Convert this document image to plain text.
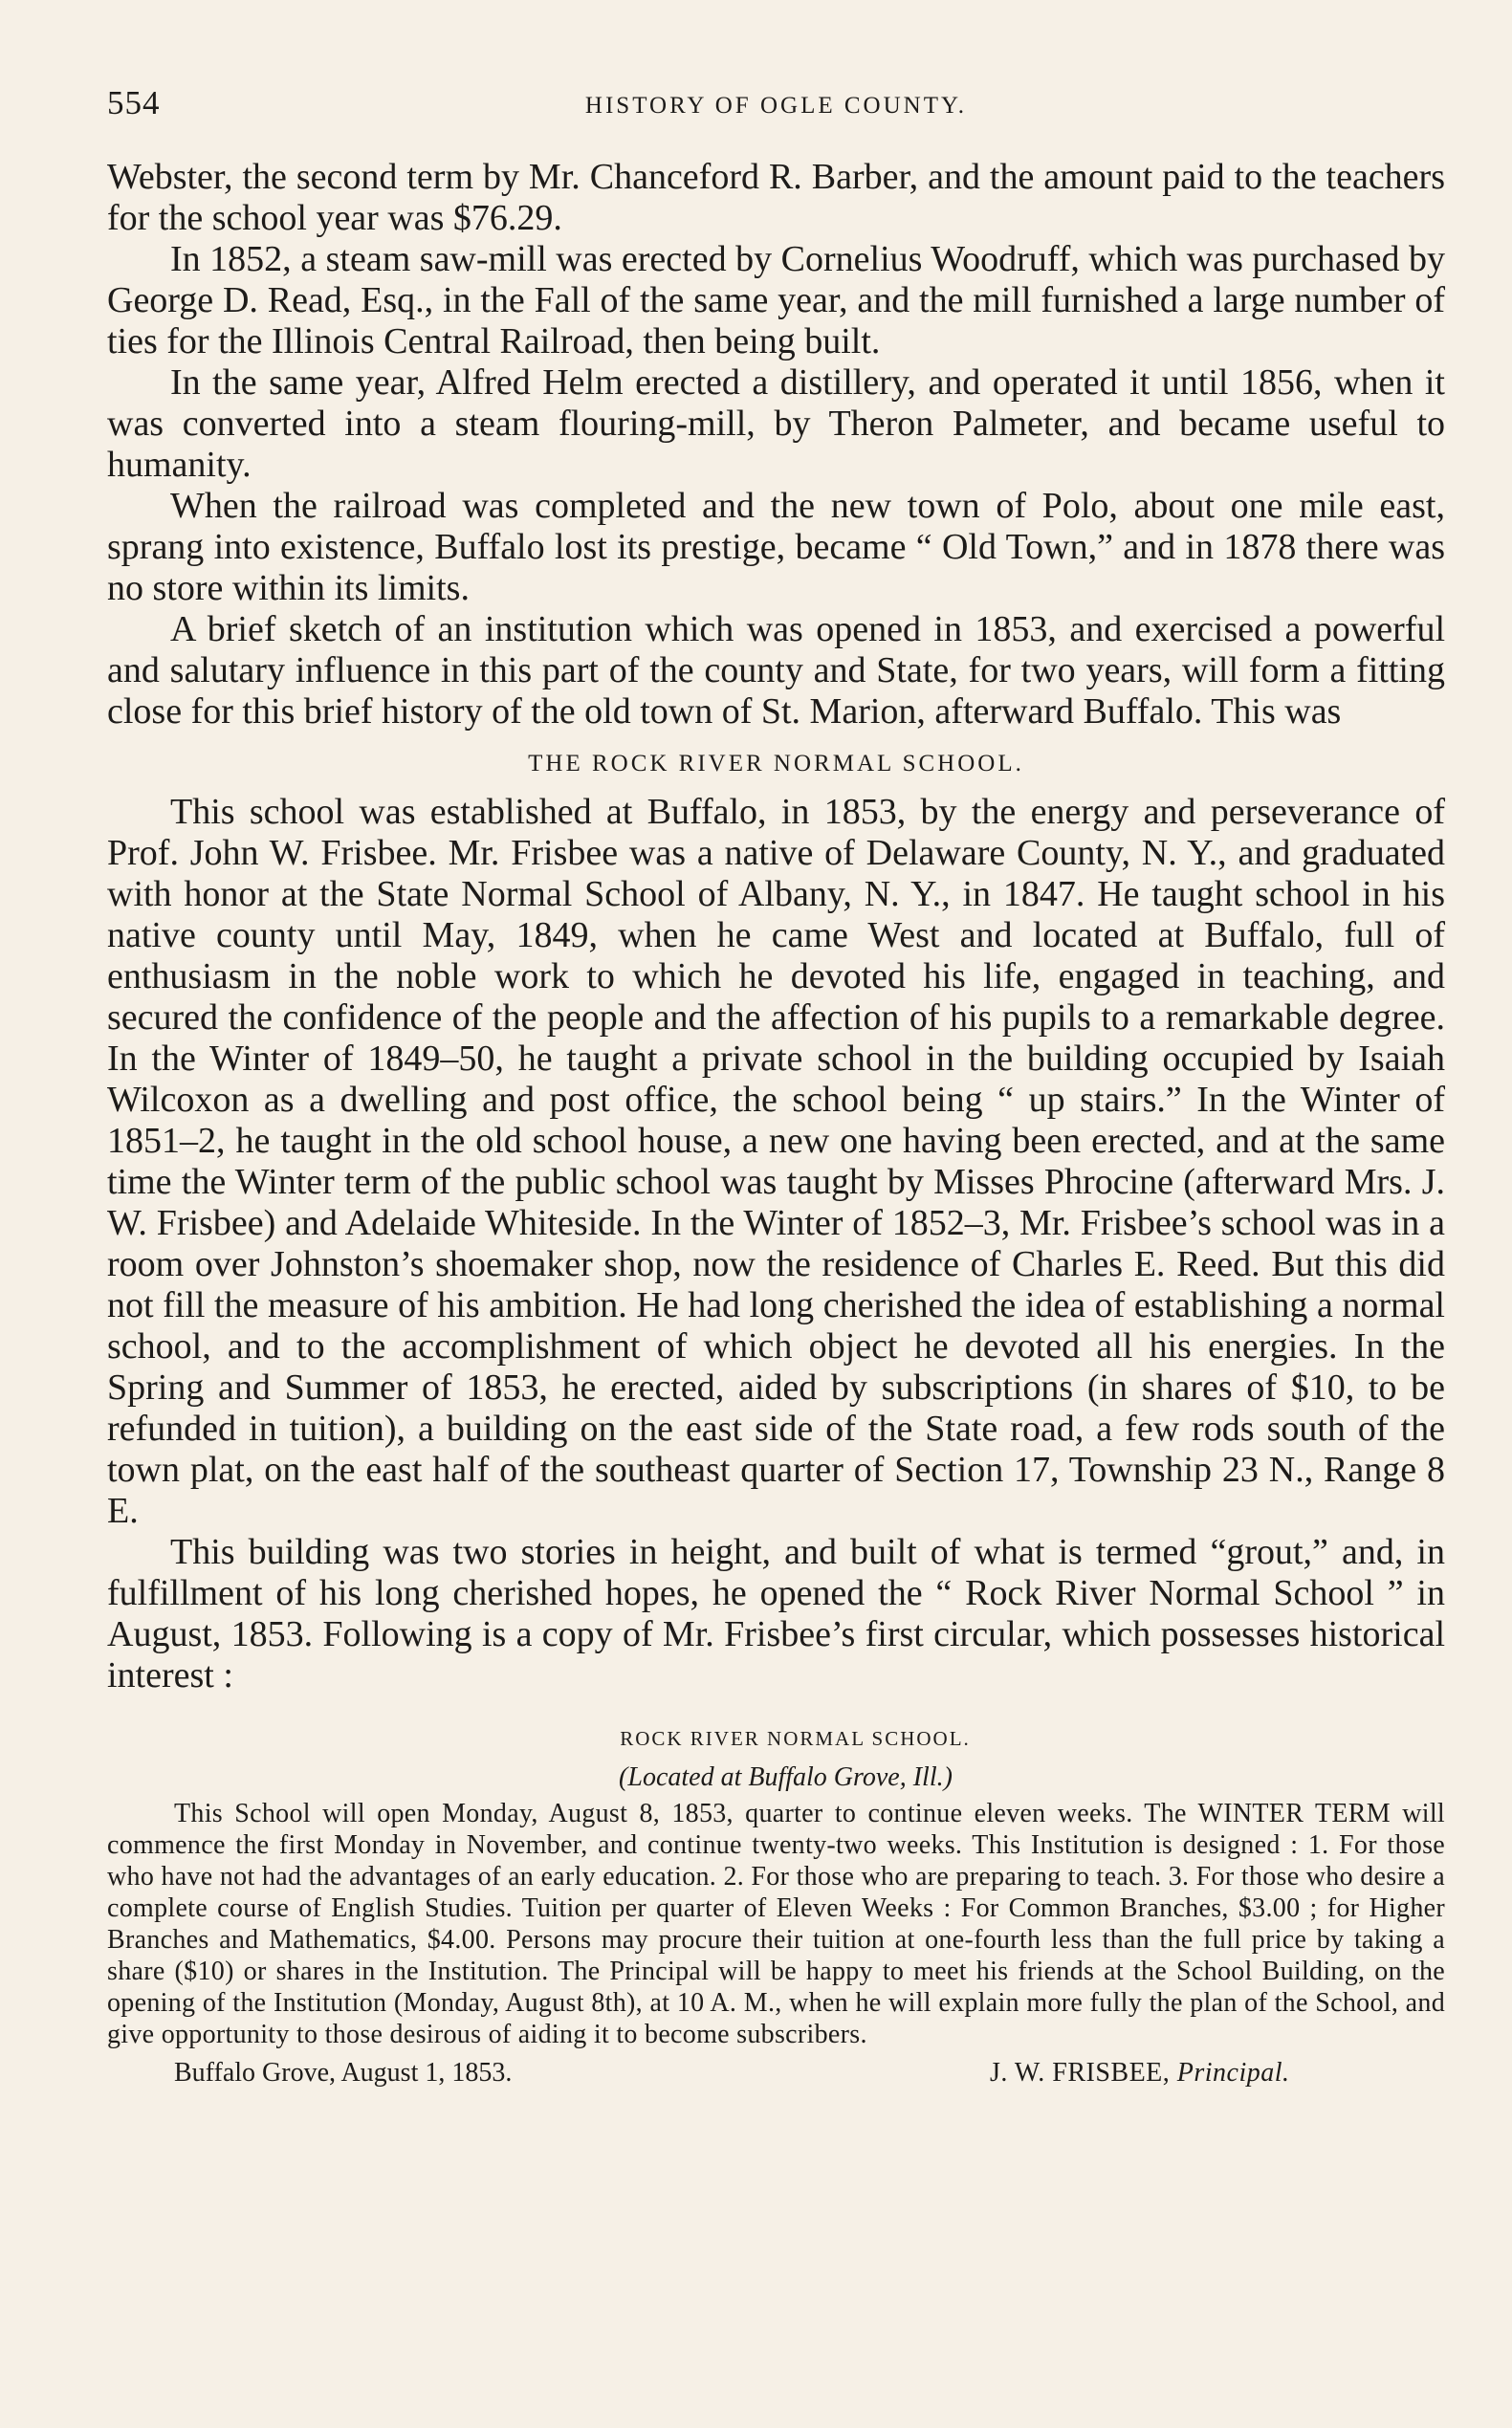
554	HISTORY OF OGLE COUNTY.

Webster, the second term by Mr. Chanceford R. Barber, and the amount paid to the teachers for the school year was $76.29.

In 1852, a steam saw-mill was erected by Cornelius Woodruff, which was purchased by George D. Read, Esq., in the Fall of the same year, and the mill furnished a large number of ties for the Illinois Central Railroad, then being built.

In the same year, Alfred Helm erected a distillery, and operated it until 1856, when it was converted into a steam flouring-mill, by Theron Palmeter, and became useful to humanity.

When the railroad was completed and the new town of Polo, about one mile east, sprang into existence, Buffalo lost its prestige, became “ Old Town,” and in 1878 there was no store within its limits.

A brief sketch of an institution which was opened in 1853, and exercised a powerful and salutary influence in this part of the county and State, for two years, will form a fitting close for this brief history of the old town of St. Marion, afterward Buffalo. This was

THE ROCK RIVER NORMAL SCHOOL.

This school was established at Buffalo, in 1853, by the energy and perseverance of Prof. John W. Frisbee. Mr. Frisbee was a native of Delaware County, N. Y., and graduated with honor at the State Normal School of Albany, N. Y., in 1847. He taught school in his native county until May, 1849, when he came West and located at Buffalo, full of enthusiasm in the noble work to which he devoted his life, engaged in teaching, and secured the confidence of the people and the affection of his pupils to a remarkable degree. In the Winter of 1849–50, he taught a private school in the building occupied by Isaiah Wilcoxon as a dwelling and post office, the school being “ up stairs.” In the Winter of 1851–2, he taught in the old school house, a new one having been erected, and at the same time the Winter term of the public school was taught by Misses Phrocine (afterward Mrs. J. W. Frisbee) and Adelaide Whiteside. In the Winter of 1852–3, Mr. Frisbee’s school was in a room over Johnston’s shoemaker shop, now the residence of Charles E. Reed. But this did not fill the measure of his ambition. He had long cherished the idea of establishing a normal school, and to the accomplishment of which object he devoted all his energies. In the Spring and Summer of 1853, he erected, aided by subscriptions (in shares of $10, to be refunded in tuition), a building on the east side of the State road, a few rods south of the town plat, on the east half of the southeast quarter of Section 17, Township 23 N., Range 8 E.

This building was two stories in height, and built of what is termed “grout,” and, in fulfillment of his long cherished hopes, he opened the “ Rock River Normal School ” in August, 1853. Following is a copy of Mr. Frisbee’s first circular, which possesses historical interest :

ROCK RIVER NORMAL SCHOOL.
(Located at Buffalo Grove, Ill.)

This School will open Monday, August 8, 1853, quarter to continue eleven weeks. The WINTER TERM will commence the first Monday in November, and continue twenty-two weeks. This Institution is designed : 1. For those who have not had the advantages of an early education. 2. For those who are preparing to teach. 3. For those who desire a complete course of English Studies. Tuition per quarter of Eleven Weeks : For Common Branches, $3.00 ; for Higher Branches and Mathematics, $4.00. Persons may procure their tuition at one-fourth less than the full price by taking a share ($10) or shares in the Institution. The Principal will be happy to meet his friends at the School Building, on the opening of the Institution (Monday, August 8th), at 10 A. M., when he will explain more fully the plan of the School, and give opportunity to those desirous of aiding it to become subscribers.

Buffalo Grove, August 1, 1853.	J. W. FRISBEE, Principal.
